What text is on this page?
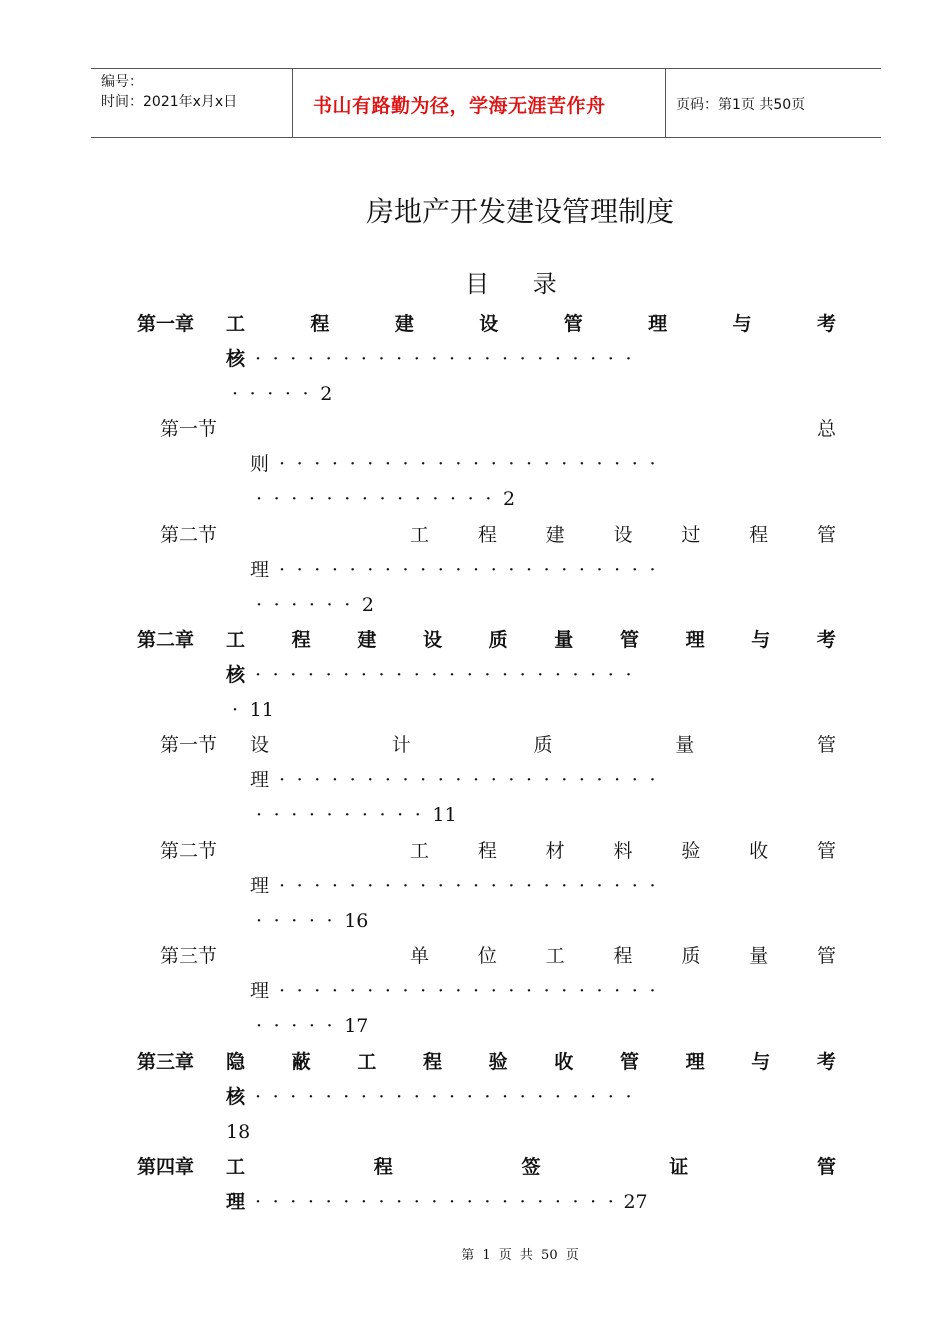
编号：
时间：2021年x月x日	书山有路勤为径，学海无涯苦作舟	页码：第1页 共50页
房地产开发建设管理制度
目 录
第一章 工	程	建	设	管	理	与	考
核 ······················
·····2
第一节	总
则 ······················
··············2
第二节	工	程	建	设	过	程	管
理 ······················
······2
第二章 工 程 建 设 质 量 管 理 与 考
核 ······················
·11
第一节 设	计	质	量	管
理 ······················
··········11
第二节	工	程	材	料	验	收	管
理 ······················
·····16
第三节	单	位	工	程	质	量	管
理 ······················
·····17
第三章 隐 蔽 工 程 验 收 管 理 与 考
核 ······················
18
第四章 工	程	签	证	管
理 ·····················
27
第 1 页 共 50 页
